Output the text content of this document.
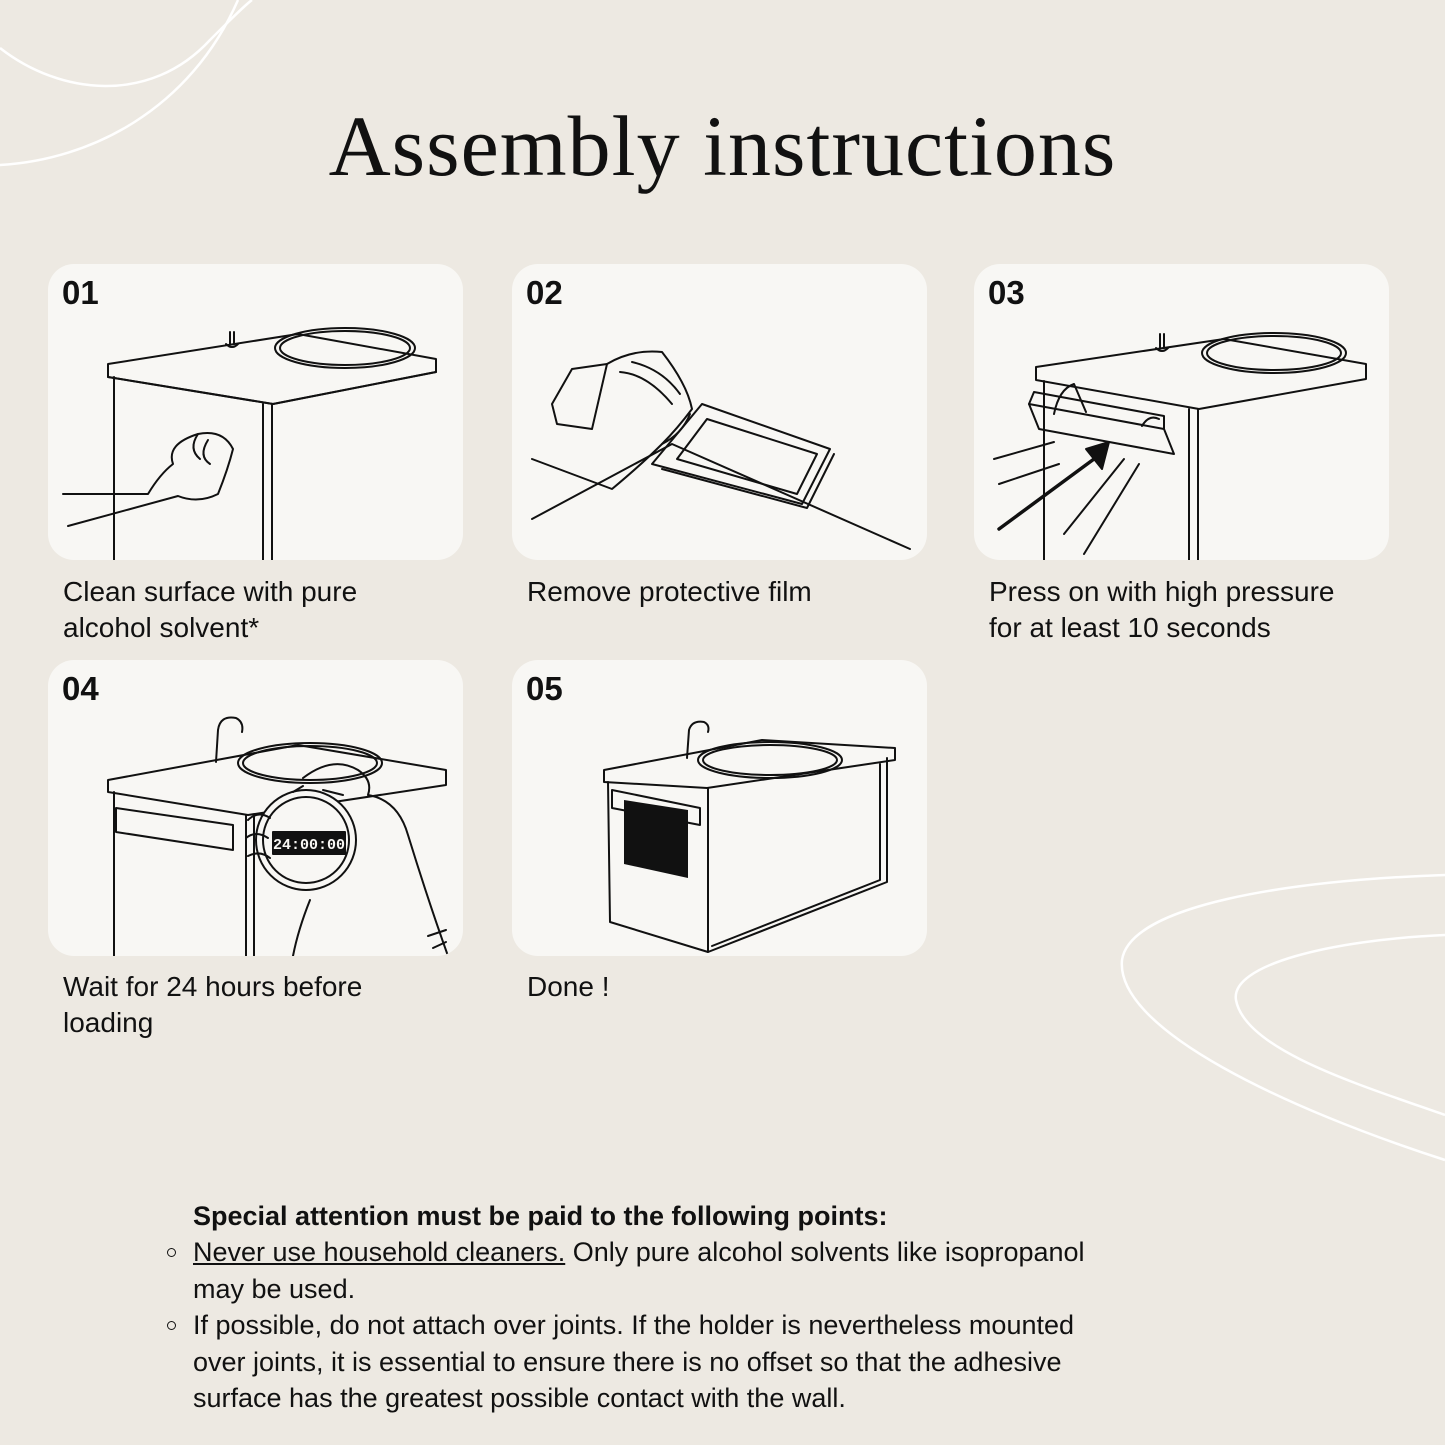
Assembly instructions
01
Clean surface with pure
alcohol solvent*
02
Remove protective film
03
Press on with high pressure
for at least 10 seconds
24:00:00
04
Wait for 24 hours before
loading
05
Done !
Special attention must be paid to the following points:
Never use household cleaners. Only pure alcohol solvents like isopropanol
may be used.
If possible, do not attach over joints. If the holder is nevertheless mounted
over joints, it is essential to ensure there is no offset so that the adhesive
surface has the greatest possible contact with the wall.
